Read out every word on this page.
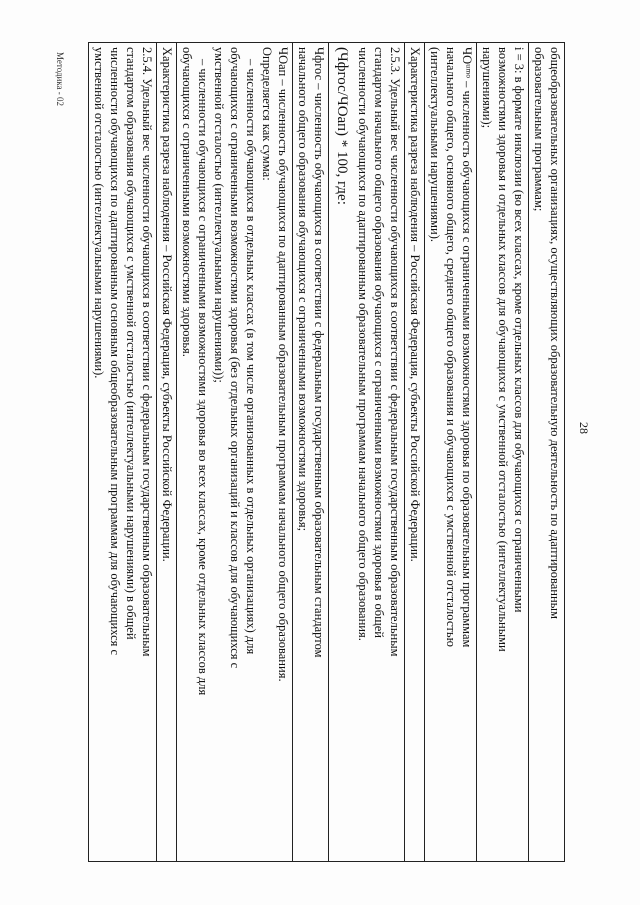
28
общеобразовательных организациях, осуществляющих образовательную деятельность по адаптированным
образовательным программам;

i = 3: в формате инклюзии (во всех классах, кроме отдельных классов для обучающихся с ограниченными
возможностями здоровья и отдельных классов для обучающихся с умственной отсталостью (интеллектуальными
нарушениями);

ЧОᵘᵐᵒ – численность обучающихся с ограниченными возможностями здоровья по образовательным программам
начального общего, основного общего, среднего общего образования и обучающихся с умственной отсталостью
(интеллектуальными нарушениями).

Характеристика разреза наблюдения – Российская Федерация, субъекты Российской Федерации.

2.5.3. Удельный вес численности обучающихся в соответствии с федеральным государственным образовательным
стандартом начального общего образования обучающихся с ограниченными возможностями здоровья в общей
численности обучающихся по адаптированным образовательным программам начального общего образования.
(Чфгос/ЧОап) * 100, где:

Чфгос – численность обучающихся в соответствии с федеральным государственным образовательным стандартом
начального общего образования обучающихся с ограниченными возможностями здоровья;

ЧОап – численность обучающихся по адаптированным образовательным программам начального общего образования.
Определяется как сумма:
– численности обучающихся в отдельных классах (в том числе организованных в отдельных организациях) для
обучающихся с ограниченными возможностями здоровья (без отдельных организаций и классов для обучающихся с
умственной отсталостью (интеллектуальными нарушениями));
– численности обучающихся с ограниченными возможностями здоровья во всех классах, кроме отдельных классов для
обучающихся с ограниченными возможностями здоровья.

Характеристика разреза наблюдения – Российская Федерация, субъекты Российской Федерации.

2.5.4. Удельный вес численности обучающихся в соответствии с федеральным государственным образовательным
стандартом образования обучающихся с умственной отсталостью (интеллектуальными нарушениями) в общей
численности обучающихся по адаптированным основным общеобразовательным программам для обучающихся с
умственной отсталостью (интеллектуальными нарушениями).
Методика - 02
